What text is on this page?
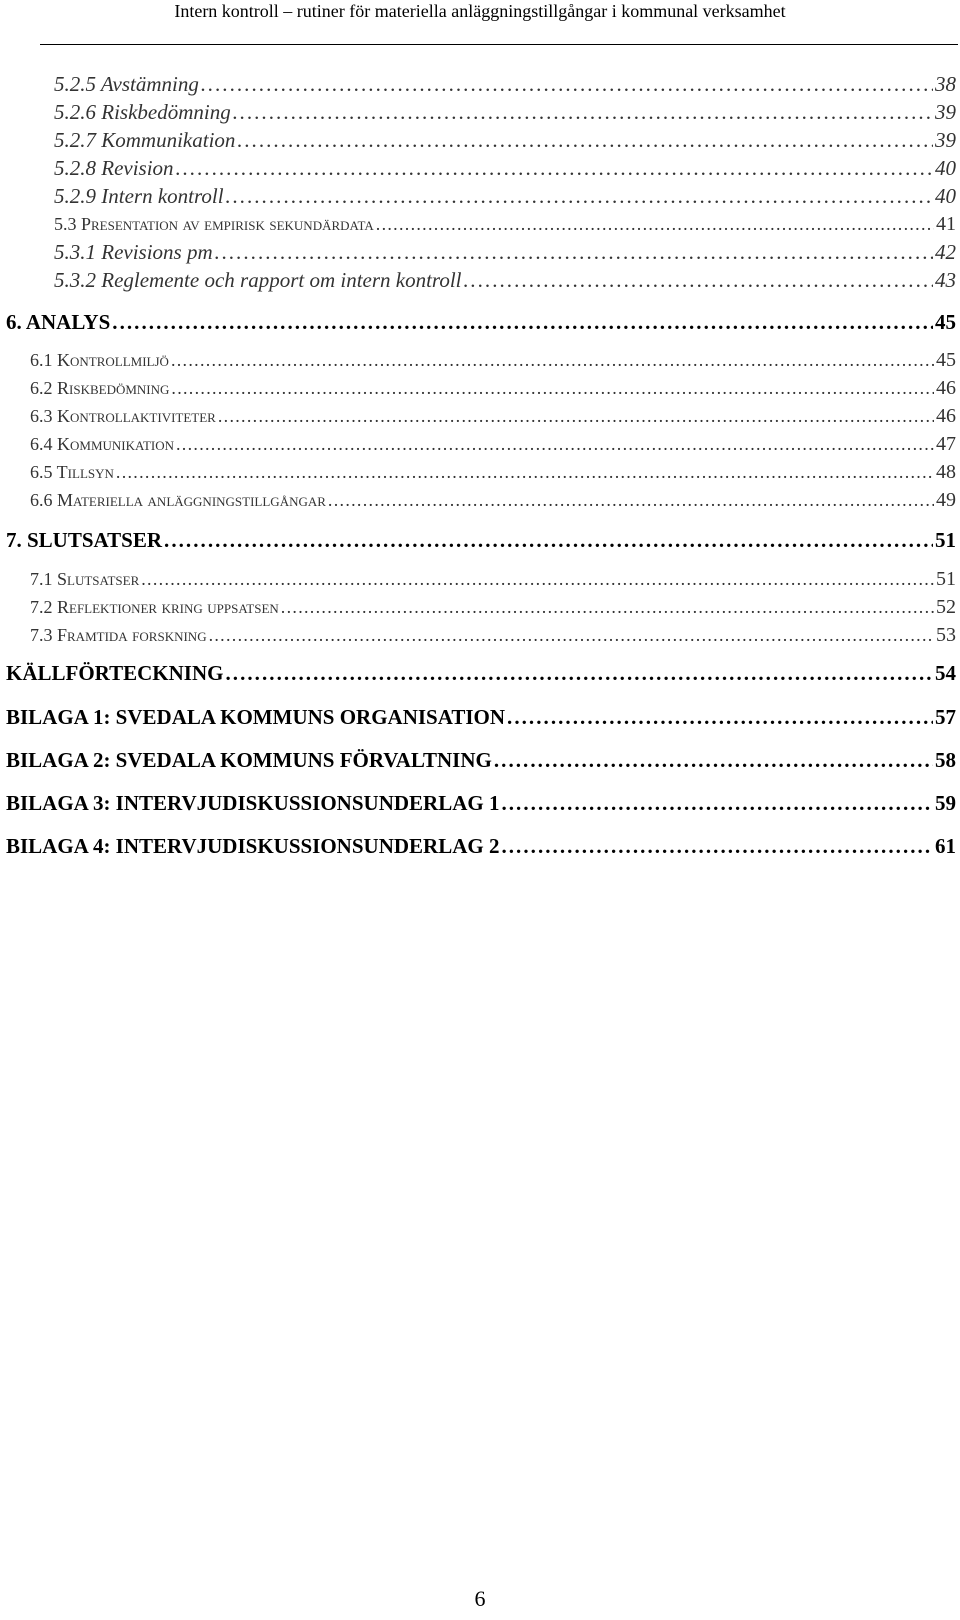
Intern kontroll – rutiner för materiella anläggningstillgångar i kommunal verksamhet
5.2.5 Avstämning . . .	38
5.2.6 Riskbedömning . . .	39
5.2.7 Kommunikation . . .	39
5.2.8 Revision . . .	40
5.2.9 Intern kontroll . . .	40
5.3 Presentation av empirisk sekundärdata . . .	41
5.3.1 Revisions pm . . .	42
5.3.2 Reglemente och rapport om intern kontroll . . .	43
6. ANALYS . . .	45
6.1 Kontrollmiljö . . .	45
6.2 Riskbedömning . . .	46
6.3 Kontrollaktiviteter . . .	46
6.4 Kommunikation . . .	47
6.5 Tillsyn . . .	48
6.6 Materiella anläggningstillgångar . . .	49
7. SLUTSATSER . . .	51
7.1 Slutsatser . . .	51
7.2 Reflektioner kring uppsatsen . . .	52
7.3 Framtida forskning . . .	53
KÄLLFÖRTECKNING . . .	54
BILAGA 1: SVEDALA KOMMUNS ORGANISATION . . .	57
BILAGA 2: SVEDALA KOMMUNS FÖRVALTNING . . .	58
BILAGA 3: INTERVJUDISKUSSIONSUNDERLAG 1 . . .	59
BILAGA 4: INTERVJUDISKUSSIONSUNDERLAG 2 . . .	61
6
